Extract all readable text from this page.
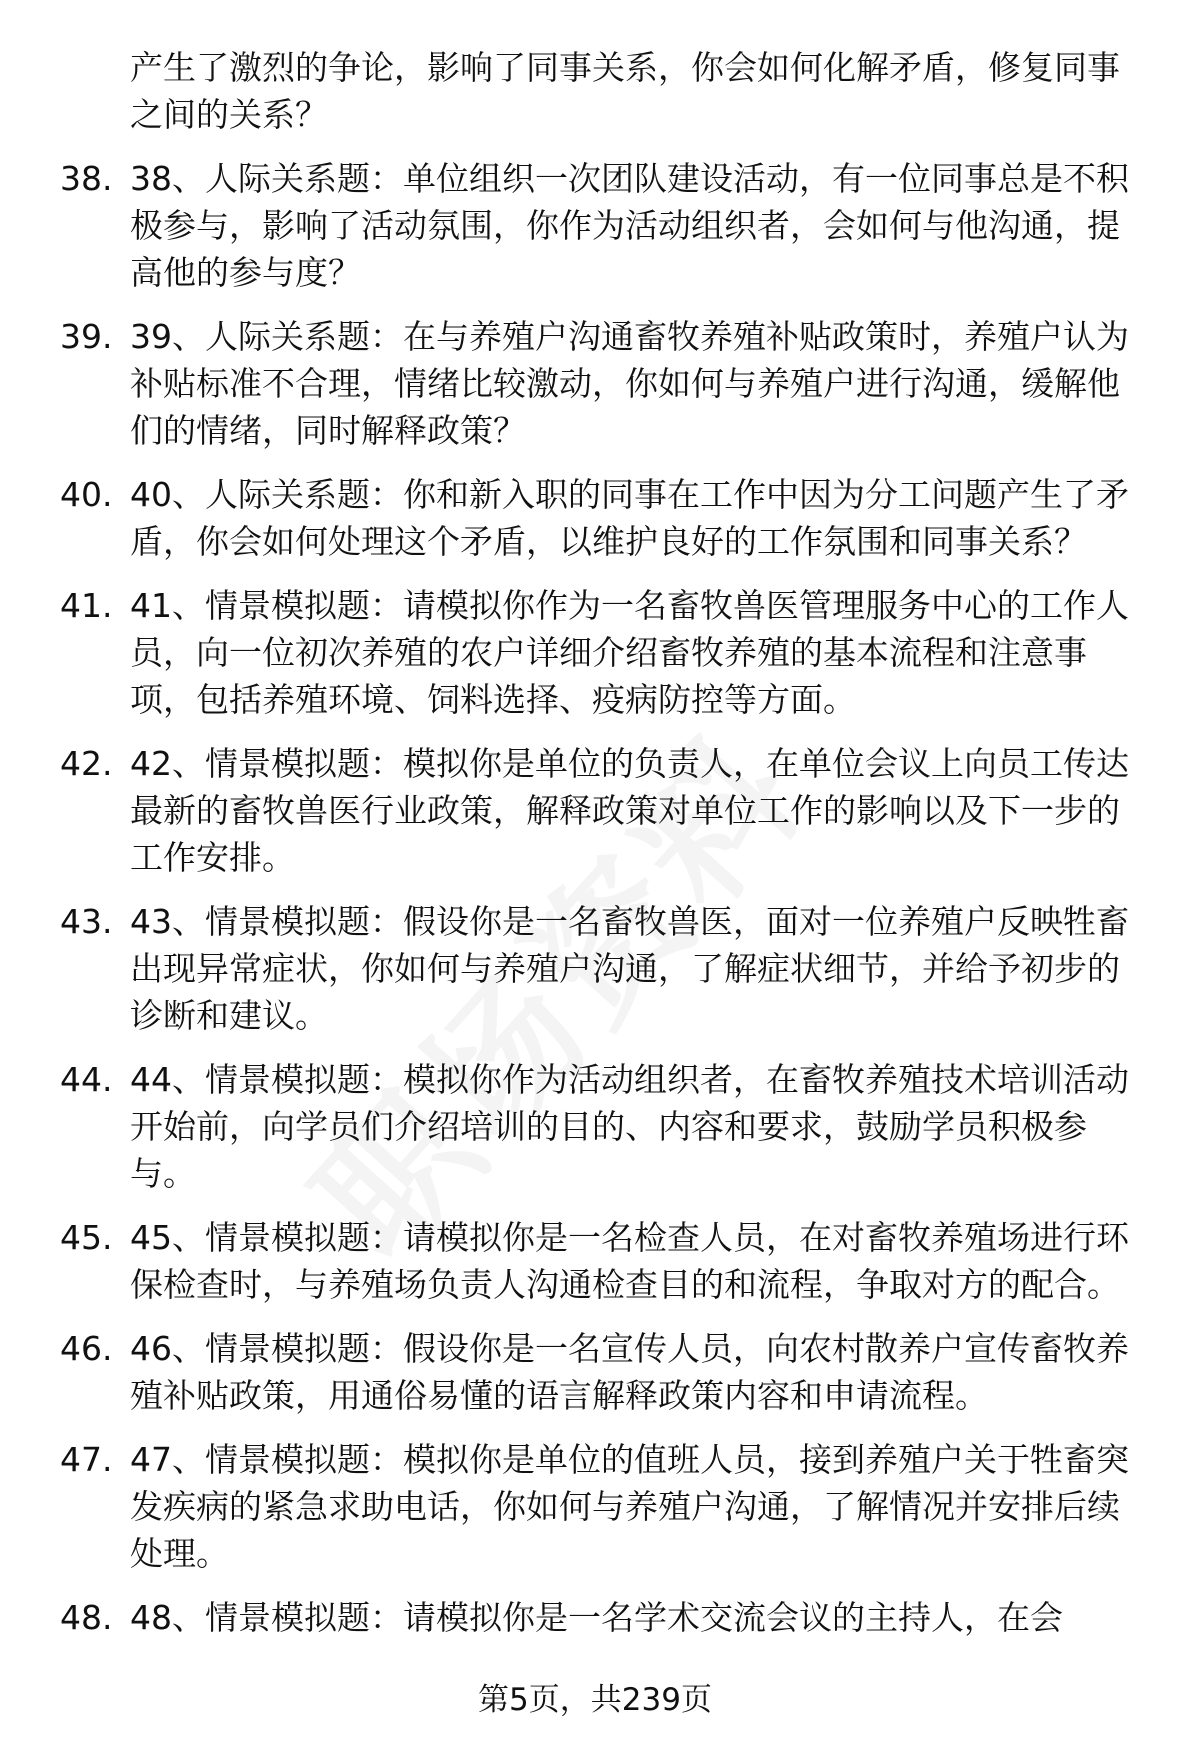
产生了激烈的争论，影响了同事关系，你会如何化解矛盾，修复同事之间的关系？
38. 38、人际关系题：单位组织一次团队建设活动，有一位同事总是不积极参与，影响了活动氛围，你作为活动组织者，会如何与他沟通，提高他的参与度？
39. 39、人际关系题：在与养殖户沟通畜牧养殖补贴政策时，养殖户认为补贴标准不合理，情绪比较激动，你如何与养殖户进行沟通，缓解他们的情绪，同时解释政策？
40. 40、人际关系题：你和新入职的同事在工作中因为分工问题产生了矛盾，你会如何处理这个矛盾，以维护良好的工作氛围和同事关系？
41. 41、情景模拟题：请模拟你作为一名畜牧兽医管理服务中心的工作人员，向一位初次养殖的农户详细介绍畜牧养殖的基本流程和注意事项，包括养殖环境、饲料选择、疫病防控等方面。
42. 42、情景模拟题：模拟你是单位的负责人，在单位会议上向员工传达最新的畜牧兽医行业政策，解释政策对单位工作的影响以及下一步的工作安排。
43. 43、情景模拟题：假设你是一名畜牧兽医，面对一位养殖户反映牲畜出现异常症状，你如何与养殖户沟通，了解症状细节，并给予初步的诊断和建议。
44. 44、情景模拟题：模拟你作为活动组织者，在畜牧养殖技术培训活动开始前，向学员们介绍培训的目的、内容和要求，鼓励学员积极参与。
45. 45、情景模拟题：请模拟你是一名检查人员，在对畜牧养殖场进行环保检查时，与养殖场负责人沟通检查目的和流程，争取对方的配合。
46. 46、情景模拟题：假设你是一名宣传人员，向农村散养户宣传畜牧养殖补贴政策，用通俗易懂的语言解释政策内容和申请流程。
47. 47、情景模拟题：模拟你是单位的值班人员，接到养殖户关于牲畜突发疾病的紧急求助电话，你如何与养殖户沟通，了解情况并安排后续处理。
48. 48、情景模拟题：请模拟你是一名学术交流会议的主持人，在会
第5页，共239页
